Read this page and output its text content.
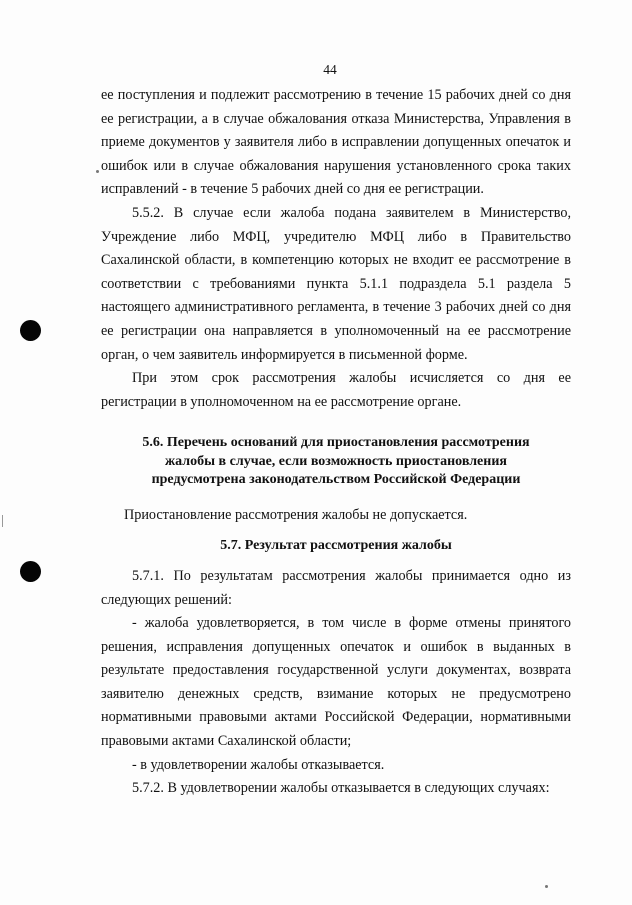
44

ее поступления и подлежит рассмотрению в течение 15 рабочих дней со дня ее регистрации, а в случае обжалования отказа Министерства, Управления в приеме документов у заявителя либо в исправлении допущенных опечаток и ошибок или в случае обжалования нарушения установленного срока таких исправлений - в течение 5 рабочих дней со дня ее регистрации.

5.5.2. В случае если жалоба подана заявителем в Министерство, Учреждение либо МФЦ, учредителю МФЦ либо в Правительство Сахалинской области, в компетенцию которых не входит ее рассмотрение в соответствии с требованиями пункта 5.1.1 подраздела 5.1 раздела 5 настоящего административного регламента, в течение 3 рабочих дней со дня ее регистрации она направляется в уполномоченный на ее рассмотрение орган, о чем заявитель информируется в письменной форме.

При этом срок рассмотрения жалобы исчисляется со дня ее регистрации в уполномоченном на ее рассмотрение органе.

5.6. Перечень оснований для приостановления рассмотрения

жалобы в случае, если возможность приостановления

предусмотрена законодательством Российской Федерации

Приостановление рассмотрения жалобы не допускается.

5.7. Результат рассмотрения жалобы

5.7.1. По результатам рассмотрения жалобы принимается одно из следующих решений:

- жалоба удовлетворяется, в том числе в форме отмены принятого решения, исправления допущенных опечаток и ошибок в выданных в результате предоставления государственной услуги документах, возврата заявителю денежных средств, взимание которых не предусмотрено нормативными правовыми актами Российской Федерации, нормативными правовыми актами Сахалинской области;

- в удовлетворении жалобы отказывается.

5.7.2. В удовлетворении жалобы отказывается в следующих случаях:
